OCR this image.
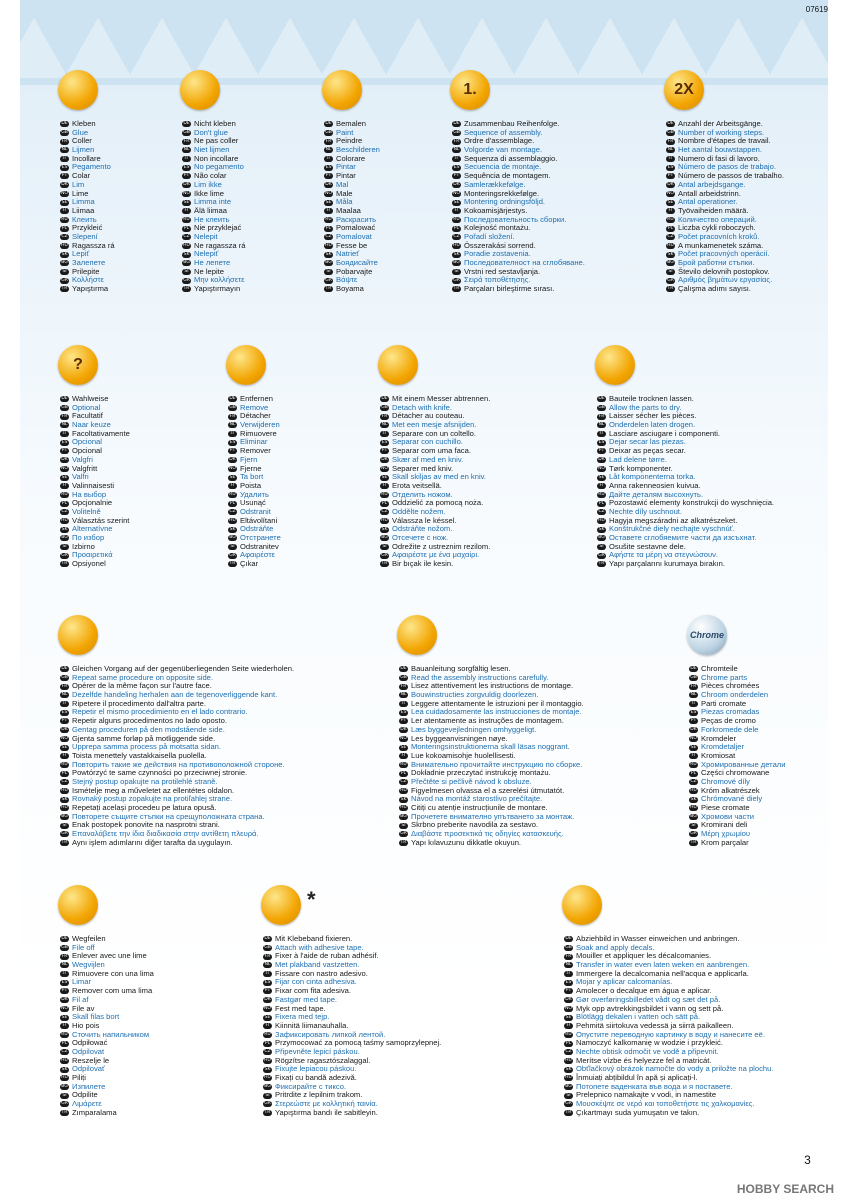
07619
DE Kleben
GB Glue
FR Coller
NL Lijmen
IT Incollare
ES Pegamento
PT Colar
DK Lim
NO Lime
SE Limma
FI Liimaa
RU Клеить
PL Przykleić
CZ Slepení
HU Ragassza rá
SK Lepiť
BG Залепете
SI Prilepite
GR Κολλήστε
TR Yapıştırma
DE Nicht kleben
GB Don't glue
FR Ne pas coller
NL Niet lijmen
IT Non incollare
ES No pegamento
PT Não colar
DK Lim ikke
NO Ikke lime
SE Limma inte
FI Älä liimaa
RU Не клеить
PL Nie przyklejać
CZ Nelepit
HU Ne ragassza rá
SK Nelepiť
BG Не лепете
SI Ne lepite
GR Μην κολλήσετε
TR Yapıştırmayın
DE Bemalen
GB Paint
FR Peindre
NL Beschilderen
IT Colorare
ES Pintar
PT Pintar
DK Mal
NO Male
SE Måla
FI Maalaa
RU Раскрасить
PL Pomalować
CZ Pomalovat
HU Fesse be
SK Natrieť
BG Боядисайте
SI Pobarvajte
GR Βάψτε
TR Boyama
1.
DE Zusammenbau Reihenfolge.
GB Sequence of assembly.
FR Ordre d'assemblage.
NL Volgorde van montage.
IT Sequenza di assemblaggio.
ES Secuencia de montaje.
PT Sequência de montagem.
DK Samlerækkefølge.
NO Monteringsrekkefølge.
SE Montering ordningsföljd.
FI Kokoamisjärjestys.
RU Последовательность сборки.
PL Kolejność montażu.
CZ Pořadí složení.
HU Összerakási sorrend.
SK Poradie zostavenia.
BG Последователност на сглобяване.
SI Vrstni red sestavljanja.
GR Σειρά τοποθέτησης.
TR Parçaları birleştirme sırası.
2X
DE Anzahl der Arbeitsgänge.
GB Number of working steps.
FR Nombre d'étapes de travail.
NL Het aantal bouwstappen.
IT Numero di fasi di lavoro.
ES Número de pasos de trabajo.
PT Número de passos de trabalho.
DK Antal arbejdsgange.
NO Antall arbeidstrinn.
SE Antal operationer.
FI Työvaiheiden määrä.
RU Количество операций.
PL Liczba cykli roboczych.
CZ Počet pracovních kroků.
HU A munkamenetek száma.
SK Počet pracovných operácií.
BG Брой работни стъпки.
SI Število delovnih postopkov.
GR Αριθμός βημάτων εργασίας.
TR Çalışma adımı sayısı.
?
DE Wahlweise
GB Optional
FR Facultatif
NL Naar keuze
IT Facoltativamente
ES Opcional
PT Opcional
DK Valgfri
NO Valgfritt
SE Valfri
FI Valinnaisesti
RU На выбор
PL Opcjonalnie
CZ Volitelně
HU Választás szerint
SK Alternatívne
BG По избор
SI Izbirno
GR Προαιρετικά
TR Opsiyonel
DE Entfernen
GB Remove
FR Détacher
NL Verwijderen
IT Rimuovere
ES Eliminar
PT Remover
DK Fjern
NO Fjerne
SE Ta bort
FI Poista
RU Удалить
PL Usunąć
CZ Odstranit
HU Eltávolítani
SK Odstráňte
BG Отстранете
SI Odstranitev
GR Αφαιρέστε
TR Çıkar
DE Mit einem Messer abtrennen.
GB Detach with knife.
FR Détacher au couteau.
NL Met een mesje afsnijden.
IT Separare con un coltello.
ES Separar con cuchillo.
PT Separar com uma faca.
DK Skær af med en kniv.
NO Separer med kniv.
SE Skall skiljas av med en kniv.
FI Erota veitsellä.
RU Отделить ножом.
PL Oddzielić za pomocą noża.
CZ Oddělte nožem.
HU Válassza le késsel.
SK Odstráňte nožom.
BG Отсечете с нож.
SI Odrežite z ustreznim rezilom.
GR Αφαιρέστε με ένα μαχαίρι.
TR Bir bıçak ile kesin.
DE Bauteile trocknen lassen.
GB Allow the parts to dry.
FR Laisser sécher les pièces.
NL Onderdelen laten drogen.
IT Lasciare asciugare i componenti.
ES Dejar secar las piezas.
PT Deixar as peças secar.
DK Lad delene tørre.
NO Tørk komponenter.
SE Låt komponenterna torka.
FI Anna rakenneosien kuivua.
RU Дайте деталям высохнуть.
PL Pozostawić elementy konstrukcji do wyschnięcia.
CZ Nechte díly uschnout.
HU Hagyja megszáradni az alkatrészeket.
SK Konštrukčné diely nechajte vyschnúť.
BG Оставете сглобяемите части да изсъхнат.
SI Osušite sestavne dele.
GR Αφήστε τα μέρη να στεγνώσουν.
TR Yapı parçalarını kurumaya bırakın.
DE Gleichen Vorgang auf der gegenüberliegenden Seite wiederholen.
GB Repeat same procedure on opposite side.
FR Opérer de la même façon sur l'autre face.
NL Dezelfde handeling herhalen aan de tegenoverliggende kant.
IT Ripetere il procedimento dall'altra parte.
ES Repetir el mismo procedimiento en el lado contrario.
PT Repetir alguns procedimentos no lado oposto.
DK Gentag proceduren på den modstående side.
NO Gjenta samme forløp på motliggende side.
SE Upprepa samma process på motsatta sidan.
FI Toista menettely vastakkaisella puolella.
RU Повторить такие же действия на противоположной стороне.
PL Powtórzyć te same czynności po przeciwnej stronie.
CZ Stejný postup opakujte na protilehlé straně.
HU Ismételje meg a műveletet az ellentétes oldalon.
SK Rovnaký postup zopakujte na protiľahlej strane.
HU Repetați același procedeu pe latura opusă.
BG Повторете същите стъпки на срещуположната страна.
SI Enak postopek ponovite na nasprotni strani.
GR Επαναλάβετε την ίδια διαδικασία στην αντίθετη πλευρά.
TR Aynı işlem adımlarını diğer tarafta da uygulayın.
DE Bauanleitung sorgfältig lesen.
GB Read the assembly instructions carefully.
FR Lisez attentivement les instructions de montage.
NL Bouwinstructies zorgvuldig doorlezen.
IT Leggere attentamente le istruzioni per il montaggio.
ES Lea cuidadosamente las instrucciones de montaje.
PT Ler atentamente as instruções de montagem.
DK Læs byggevejledningen omhyggeligt.
NO Les byggeanvisningen nøye.
SE Monteringsinstruktionerna skall läsas noggrant.
FI Lue kokoamisohje huolellisesti.
RU Внимательно прочитайте инструкцию по сборке.
PL Dokładnie przeczytać instrukcję montażu.
CZ Přečtěte si pečlivě návod k obsluze.
HU Figyelmesen olvassa el a szerelési útmutatót.
SK Návod na montáž starostlivo prečítajte.
HU Citiți cu atenție instrucțiunile de montare.
BG Прочетете внимателно упътването за монтаж.
SI Skrbno preberite navodila za sestavo.
GR Διαβάστε προσεκτικά τις οδηγίες κατασκευής.
TR Yapı kılavuzunu dikkatle okuyun.
Chrome
DE Chromteile
GB Chrome parts
FR Pièces chromées
NL Chroom onderdelen
IT Parti cromate
ES Piezas cromadas
PT Peças de cromo
DK Forkromede dele
NO Kromdeler
SE Kromdetaljer
FI Kromiosat
RU Хромированные детали
PL Części chromowane
CZ Chromové díly
HU Króm alkatrészek
SK Chrómované diely
HU Piese cromate
BG Хромови части
SI Kromirani deli
GR Μέρη χρωμίου
TR Krom parçalar
DE Wegfeilen
GB File off
FR Enlever avec une lime
NL Wegvijlen
IT Rimuovere con una lima
ES Limar
PT Remover com uma lima
DK Fil af
NO File av
SE Skall filas bort
FI Hio pois
RU Сточить напильником
PL Odpiłować
CZ Odpilovat
HU Reszelje le
SK Odpilovať
HU Piliți
BG Изпилете
SI Odpilite
GR Λιμάρετε
TR Zımparalama
DE Mit Klebeband fixieren.
GB Attach with adhesive tape.
FR Fixer à l'aide de ruban adhésif.
NL Met plakband vastzetten.
IT Fissare con nastro adesivo.
ES Fijar con cinta adhesiva.
PT Fixar com fita adesiva.
DK Fastgør med tape.
NO Fest med tape.
SE Fixera med tejp.
FI Kiinnitä liimanauhalla.
RU Зафиксировать липкой лентой.
PL Przymocować za pomocą taśmy samoprzylepnej.
CZ Připevněte lepicí páskou.
HU Rögzítse ragasztószalaggal.
SK Fixujte lepiacou páskou.
HU Fixați cu bandă adezivă.
BG Фиксирайте с тиксо.
SI Pritrdite z lepilnim trakom.
GR Στερεώστε με κολλητική ταινία.
TR Yapıştırma bandı ile sabitleyin.
DE Abziehbild in Wasser einweichen und anbringen.
GB Soak and apply decals.
FR Mouiller et appliquer les décalcomanies.
NL Transfer in water even laten weken en aanbrengen.
IT Immergere la decalcomania nell'acqua e applicarla.
ES Mojar y aplicar calcomanías.
PT Amolecer o decalque em água e aplicar.
DK Gør overføringsbilledet vådt og sæt det på.
NO Myk opp avtrekkingsbildet i vann og sett på.
SE Blötlägg dekalen i vatten och sätt på.
FI Pehmitä siirtokuva vedessä ja siirrä paikalleen.
RU Опустите переводную картинку в воду и нанесите её.
PL Namoczyć kalkomanię w wodzie i przykleić.
CZ Nechte obtisk odmočit ve vodě a připevnit.
HU Merítse vízbe és helyezze fel a matricát.
SK Obťlačkový obrázok namočte do vody a priložte na plochu.
HU Înmuiați abțibildul în apă și aplicați-l.
BG Потопете ваденката във вода и я поставете.
SI Prelepnico namakajte v vodi, in namestite
GR Μουσκέψτε σε νερό και τοποθετήστε τις χαλκομανίες.
TR Çıkartmayı suda yumuşatın ve takın.
*
3
HOBBY SEARCH
